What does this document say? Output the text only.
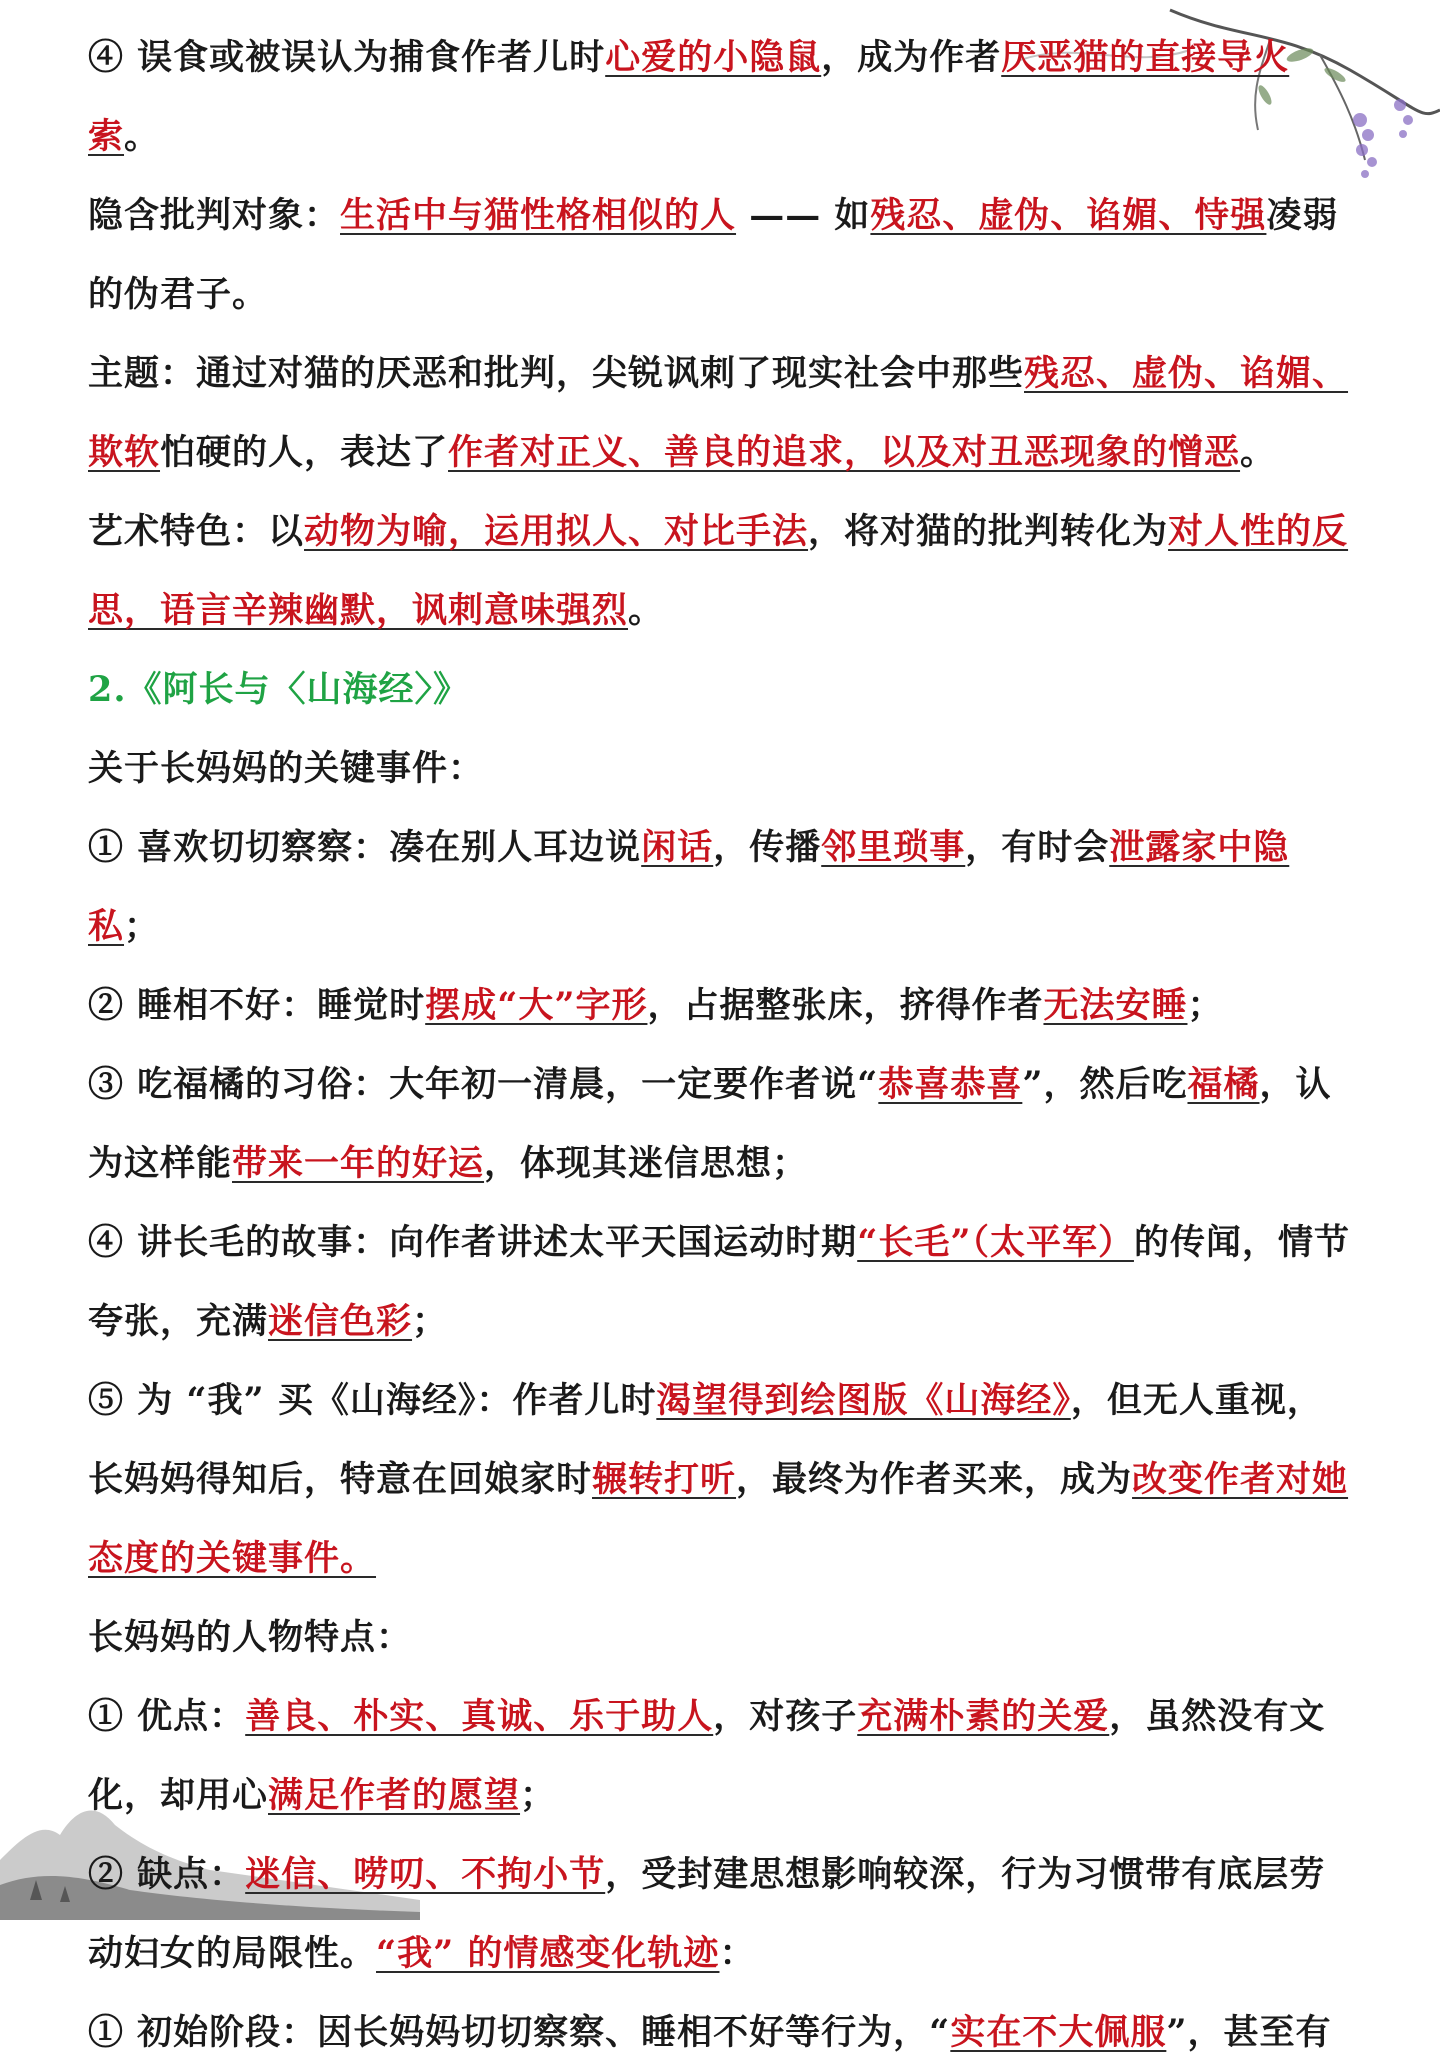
④ 误食或被误认为捕食作者儿时心爱的小隐鼠，成为作者厌恶猫的直接导火索。

隐含批判对象：生活中与猫性格相似的人 —— 如残忍、虚伪、谄媚、恃强凌弱的伪君子。

主题：通过对猫的厌恶和批判，尖锐讽刺了现实社会中那些残忍、虚伪、谄媚、欺软怕硬的人，表达了作者对正义、善良的追求，以及对丑恶现象的憎恶。

艺术特色：以动物为喻，运用拟人、对比手法，将对猫的批判转化为对人性的反思，语言辛辣幽默，讽刺意味强烈。

2.《阿长与〈山海经〉》

关于长妈妈的关键事件：

① 喜欢切切察察：凑在别人耳边说闲话，传播邻里琐事，有时会泄露家中隐私；

② 睡相不好：睡觉时摆成“大”字形，占据整张床，挤得作者无法安睡；

③ 吃福橘的习俗：大年初一清晨，一定要作者说“恭喜恭喜”，然后吃福橘，认为这样能带来一年的好运，体现其迷信思想；

④ 讲长毛的故事：向作者讲述太平天国运动时期“长毛”（太平军）的传闻，情节夸张，充满迷信色彩；

⑤ 为 “我” 买《山海经》：作者儿时渴望得到绘图版《山海经》，但无人重视，长妈妈得知后，特意在回娘家时辗转打听，最终为作者买来，成为改变作者对她态度的关键事件。

长妈妈的人物特点：

① 优点：善良、朴实、真诚、乐于助人，对孩子充满朴素的关爱，虽然没有文化，却用心满足作者的愿望；

② 缺点：迷信、唠叨、不拘小节，受封建思想影响较深，行为习惯带有底层劳动妇女的局限性。“我” 的情感变化轨迹：

① 初始阶段：因长妈妈切切察察、睡相不好等行为，“实在不大佩服”，甚至有
